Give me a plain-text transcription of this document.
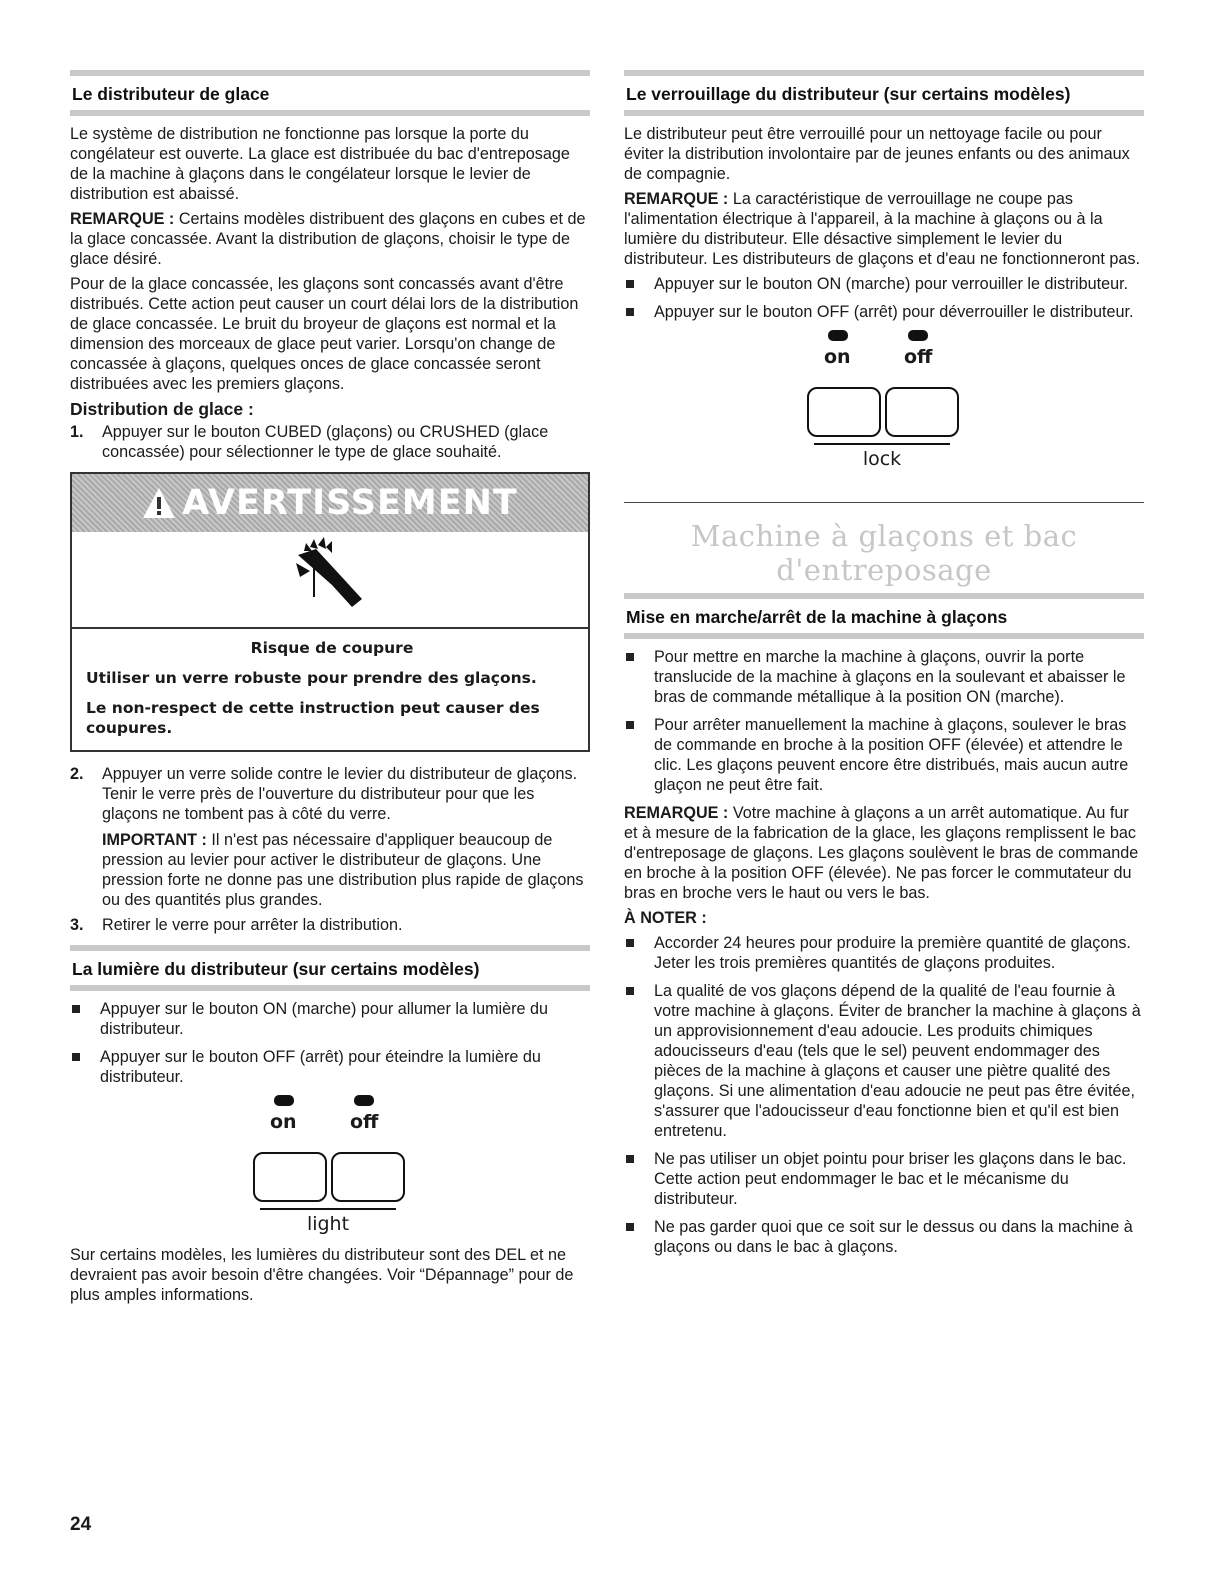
Le distributeur de glace

Le système de distribution ne fonctionne pas lorsque la porte du congélateur est ouverte. La glace est distribuée du bac d'entreposage de la machine à glaçons dans le congélateur lorsque le levier de distribution est abaissé.

REMARQUE : Certains modèles distribuent des glaçons en cubes et de la glace concassée. Avant la distribution de glaçons, choisir le type de glace désiré.

Pour de la glace concassée, les glaçons sont concassés avant d'être distribués. Cette action peut causer un court délai lors de la distribution de glace concassée. Le bruit du broyeur de glaçons est normal et la dimension des morceaux de glace peut varier. Lorsqu'on change de concassée à glaçons, quelques onces de glace concassée seront distribuées avec les premiers glaçons.

Distribution de glace :
1.	Appuyer sur le bouton CUBED (glaçons) ou CRUSHED (glace concassée) pour sélectionner le type de glace souhaité.
AVERTISSEMENT
Risque de coupure
Utiliser un verre robuste pour prendre des glaçons.
Le non-respect de cette instruction peut causer des coupures.
2.	Appuyer un verre solide contre le levier du distributeur de glaçons. Tenir le verre près de l'ouverture du distributeur pour que les glaçons ne tombent pas à côté du verre.

IMPORTANT : Il n'est pas nécessaire d'appliquer beaucoup de pression au levier pour activer le distributeur de glaçons. Une pression forte ne donne pas une distribution plus rapide de glaçons ou des quantités plus grandes.

3.	Retirer le verre pour arrêter la distribution.
La lumière du distributeur (sur certains modèles)
Appuyer sur le bouton ON (marche) pour allumer la lumière du distributeur.
Appuyer sur le bouton OFF (arrêt) pour éteindre la lumière du distributeur.
on	off
light

Sur certains modèles, les lumières du distributeur sont des DEL et ne devraient pas avoir besoin d'être changées. Voir “Dépannage” pour de plus amples informations.

Le verrouillage du distributeur (sur certains modèles)

Le distributeur peut être verrouillé pour un nettoyage facile ou pour éviter la distribution involontaire par de jeunes enfants ou des animaux de compagnie.

REMARQUE : La caractéristique de verrouillage ne coupe pas l'alimentation électrique à l'appareil, à la machine à glaçons ou à la lumière du distributeur. Elle désactive simplement le levier du distributeur. Les distributeurs de glaçons et d'eau ne fonctionneront pas.

Appuyer sur le bouton ON (marche) pour verrouiller le distributeur.
Appuyer sur le bouton OFF (arrêt) pour déverrouiller le distributeur.
on	off
lock
Machine à glaçons et bac d'entreposage
Mise en marche/arrêt de la machine à glaçons
Pour mettre en marche la machine à glaçons, ouvrir la porte translucide de la machine à glaçons en la soulevant et abaisser le bras de commande métallique à la position ON (marche).
Pour arrêter manuellement la machine à glaçons, soulever le bras de commande en broche à la position OFF (élevée) et attendre le clic. Les glaçons peuvent encore être distribués, mais aucun autre glaçon ne peut être fait.

REMARQUE : Votre machine à glaçons a un arrêt automatique. Au fur et à mesure de la fabrication de la glace, les glaçons remplissent le bac d'entreposage de glaçons. Les glaçons soulèvent le bras de commande en broche à la position OFF (élevée). Ne pas forcer le commutateur du bras en broche vers le haut ou vers le bas.

À NOTER :
Accorder 24 heures pour produire la première quantité de glaçons. Jeter les trois premières quantités de glaçons produites.
La qualité de vos glaçons dépend de la qualité de l'eau fournie à votre machine à glaçons. Éviter de brancher la machine à glaçons à un approvisionnement d'eau adoucie. Les produits chimiques adoucisseurs d'eau (tels que le sel) peuvent endommager des pièces de la machine à glaçons et causer une piètre qualité des glaçons. Si une alimentation d'eau adoucie ne peut pas être évitée, s'assurer que l'adoucisseur d'eau fonctionne bien et qu'il est bien entretenu.
Ne pas utiliser un objet pointu pour briser les glaçons dans le bac. Cette action peut endommager le bac et le mécanisme du distributeur.
Ne pas garder quoi que ce soit sur le dessus ou dans la machine à glaçons ou dans le bac à glaçons.
24
